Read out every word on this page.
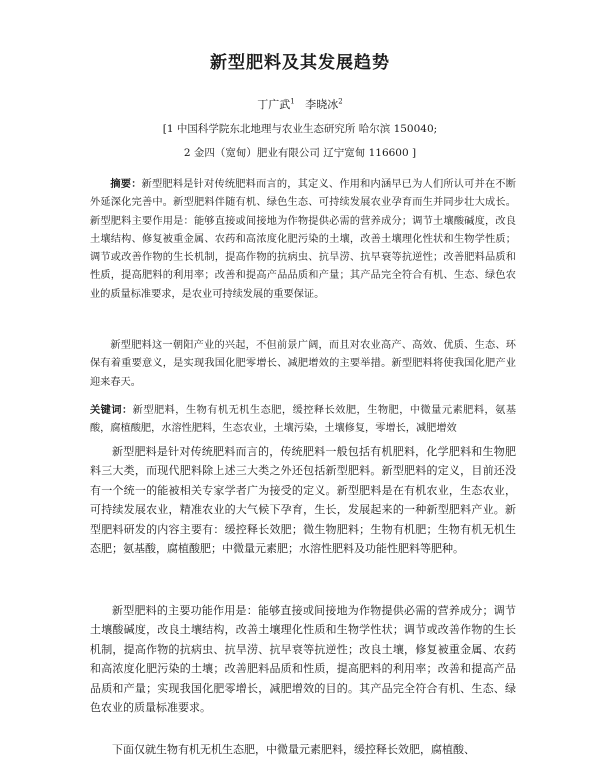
新型肥料及其发展趋势
丁广武$^1$ 李晓冰$^2$
[1 中国科学院东北地理与农业生态研究所 哈尔滨 150040;
2 金四（宽甸）肥业有限公司 辽宁宽甸 116600 ]

摘要：新型肥料是针对传统肥料而言的，其定义、作用和内涵早已为人们所认可并在不断外延深化完善中。新型肥料伴随有机、绿色生态、可持续发展农业孕育而生并同步壮大成长。新型肥料主要作用是：能够直接或间接地为作物提供必需的营养成分；调节土壤酸碱度，改良土壤结构、修复被重金属、农药和高浓度化肥污染的土壤，改善土壤理化性状和生物学性质；调节或改善作物的生长机制，提高作物的抗病虫、抗旱涝、抗早衰等抗逆性；改善肥料品质和性质，提高肥料的利用率；改善和提高产品品质和产量；其产品完全符合有机、生态、绿色农业的质量标准要求，是农业可持续发展的重要保证。

新型肥料这一朝阳产业的兴起，不但前景广阔，而且对农业高产、高效、优质、生态、环保有着重要意义，是实现我国化肥零增长、减肥增效的主要举措。新型肥料将使我国化肥产业迎来春天。

关键词：新型肥料，生物有机无机生态肥，缓控释长效肥，生物肥，中微量元素肥料，氨基酸，腐植酸肥，水溶性肥料，生态农业，土壤污染，土壤修复，零增长，减肥增效

新型肥料是针对传统肥料而言的，传统肥料一般包括有机肥料，化学肥料和生物肥料三大类，而现代肥料除上述三大类之外还包括新型肥料。新型肥料的定义，目前还没有一个统一的能被相关专家学者广为接受的定义。新型肥料是在有机农业，生态农业，可持续发展农业，精准农业的大气候下孕育，生长，发展起来的一种新型肥料产业。新型肥料研发的内容主要有：缓控释长效肥；微生物肥料；生物有机肥；生物有机无机生态肥；氨基酸，腐植酸肥；中微量元素肥；水溶性肥料及功能性肥料等肥种。

新型肥料的主要功能作用是：能够直接或间接地为作物提供必需的营养成分；调节土壤酸碱度，改良土壤结构，改善土壤理化性质和生物学性状；调节或改善作物的生长机制，提高作物的抗病虫、抗旱涝、抗早衰等抗逆性；改良土壤，修复被重金属、农药和高浓度化肥污染的土壤；改善肥料品质和性质，提高肥料的利用率；改善和提高产品品质和产量；实现我国化肥零增长，减肥增效的目的。其产品完全符合有机、生态、绿色农业的质量标准要求。

下面仅就生物有机无机生态肥，中微量元素肥料，缓控释长效肥，腐植酸、
